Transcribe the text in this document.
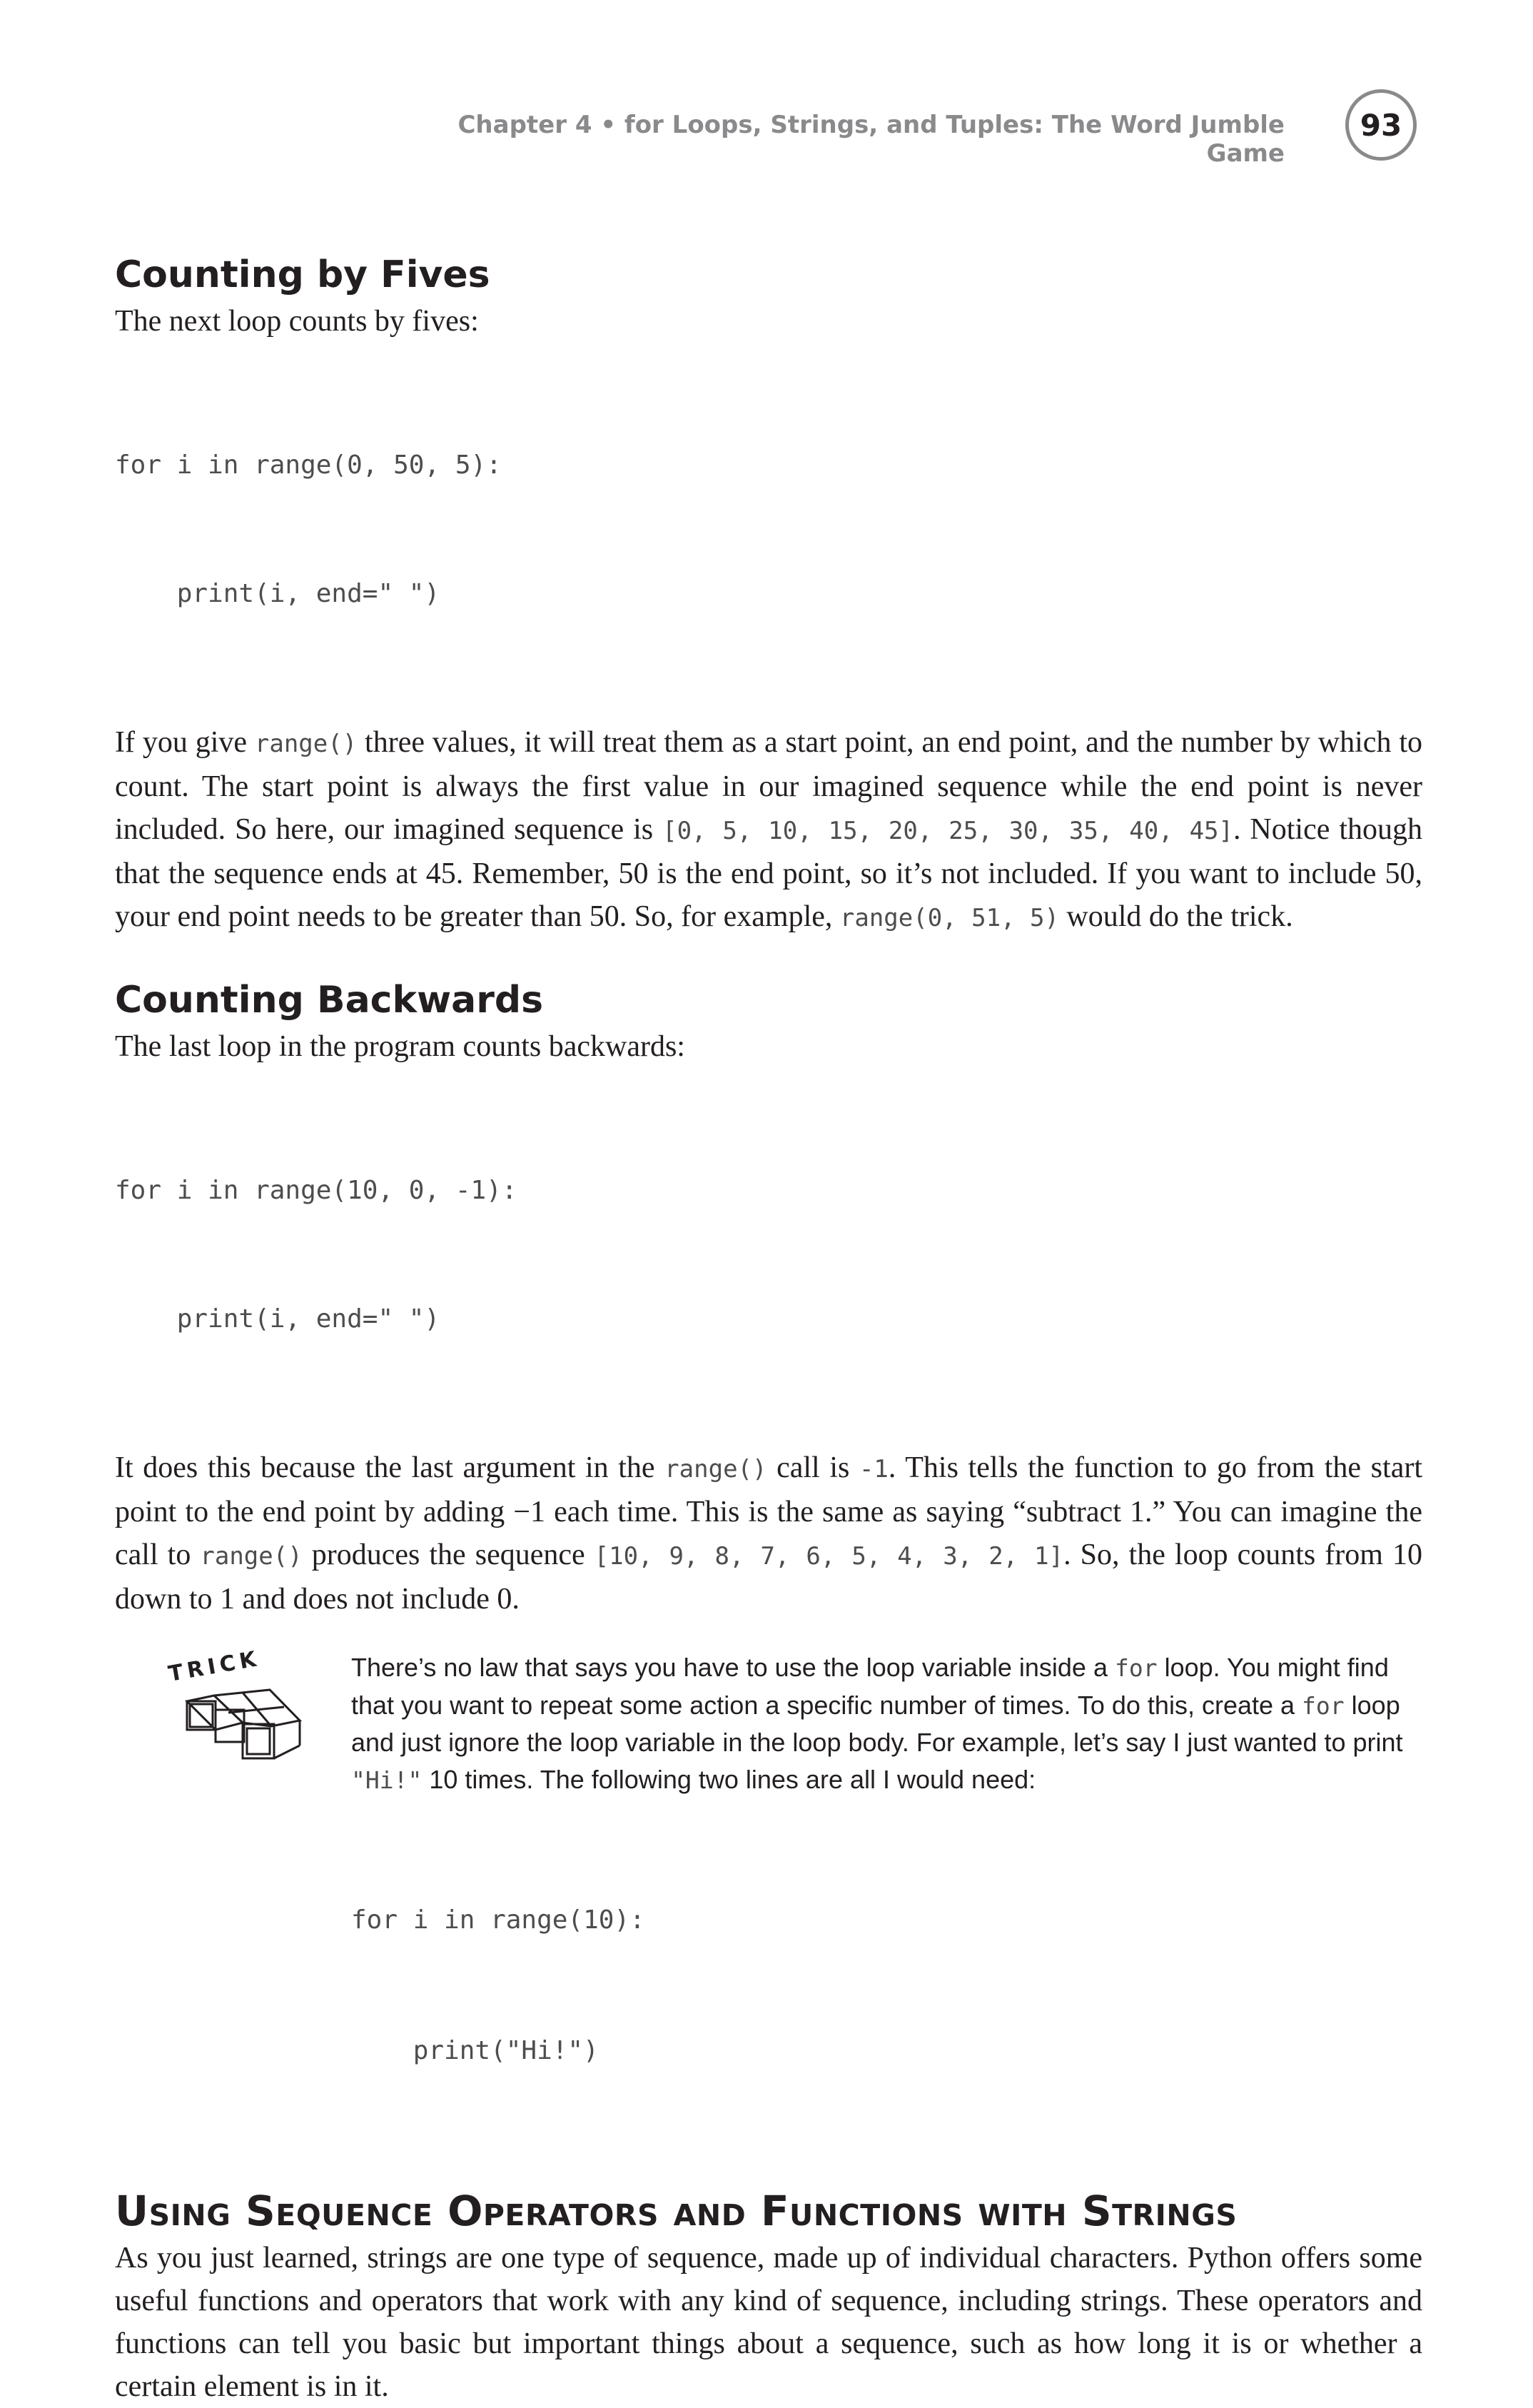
Chapter 4 • for Loops, Strings, and Tuples: The Word Jumble Game
93
Counting by Fives
The next loop counts by fives:

for i in range(0, 50, 5):

print(i, end=" ")

If you give range() three values, it will treat them as a start point, an end point, and the number by which to count. The start point is always the first value in our imagined sequence while the end point is never included. So here, our imagined sequence is [0, 5, 10, 15, 20, 25, 30, 35, 40, 45]. Notice though that the sequence ends at 45. Remember, 50 is the end point, so it’s not included. If you want to include 50, your end point needs to be greater than 50. So, for example, range(0, 51, 5) would do the trick.
Counting Backwards
The last loop in the program counts backwards:

for i in range(10, 0, -1):

print(i, end=" ")

It does this because the last argument in the range() call is -1. This tells the function to go from the start point to the end point by adding −1 each time. This is the same as saying “subtract 1.” You can imagine the call to range() produces the sequence [10, 9, 8, 7, 6, 5, 4, 3, 2, 1]. So, the loop counts from 10 down to 1 and does not include 0.
TRICK	There’s no law that says you have to use the loop variable inside a for loop. You might find that you want to repeat some action a specific number of times. To do this, create a for loop and just ignore the loop variable in the loop body. For example, let’s say I just wanted to print "Hi!" 10 times. The following two lines are all I would need:

for i in range(10):

print("Hi!")

Using Sequence Operators and Functions with Strings
As you just learned, strings are one type of sequence, made up of individual characters. Python offers some useful functions and operators that work with any kind of sequence, including strings. These operators and functions can tell you basic but important things about a sequence, such as how long it is or whether a certain element is in it.
